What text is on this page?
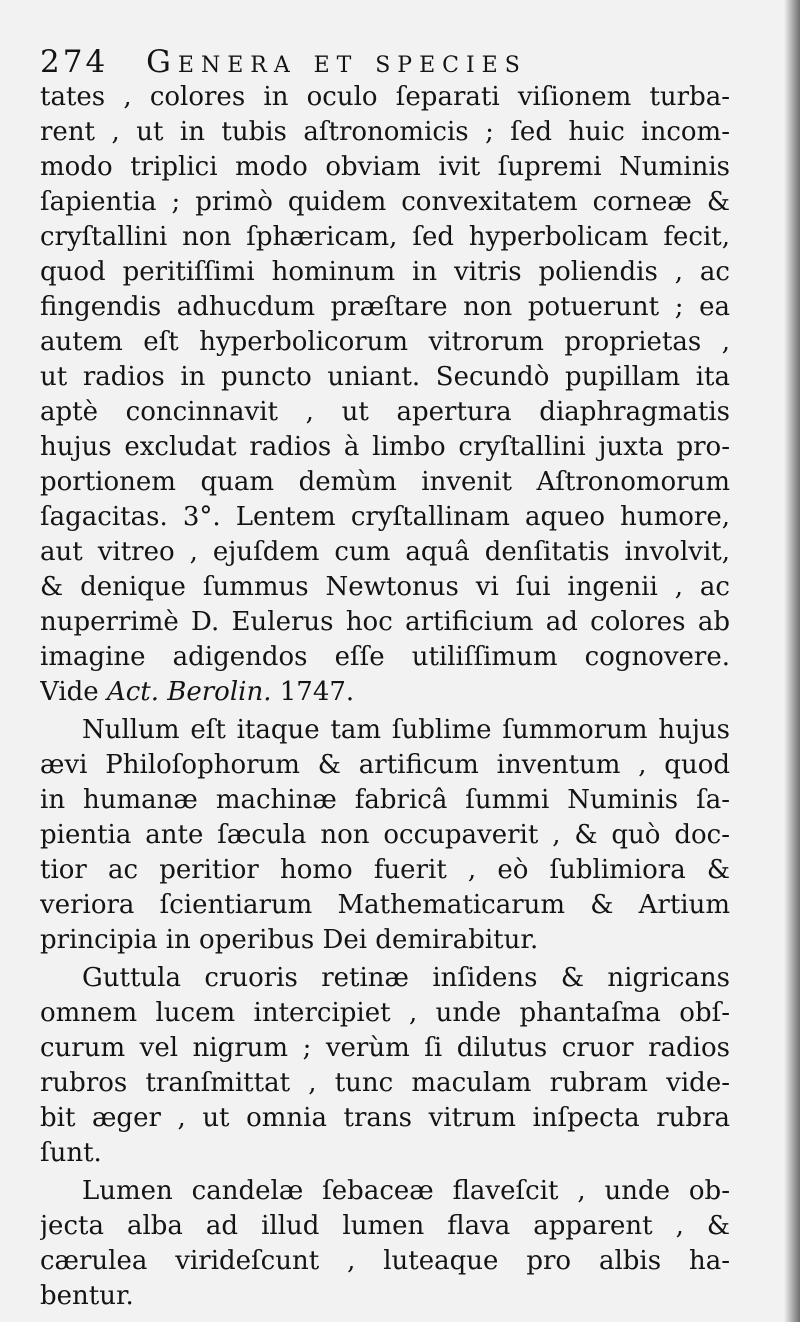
274 Genera et species
tates , colores in oculo ſeparati viſionem turba-
rent , ut in tubis aſtronomicis ; ſed huic incom-
modo triplici modo obviam ivit ſupremi Numinis
ſapientia ; primò quidem convexitatem corneæ &
cryſtallini non ſphæricam, ſed hyperbolicam fecit,
quod peritiſſimi hominum in vitris poliendis , ac
fingendis adhucdum præſtare non potuerunt ; ea
autem eſt hyperbolicorum vitrorum proprietas ,
ut radios in puncto uniant. Secundò pupillam ita
aptè concinnavit , ut apertura diaphragmatis
hujus excludat radios à limbo cryſtallini juxta pro-
portionem quam demùm invenit Aſtronomorum
ſagacitas. 3°. Lentem cryſtallinam aqueo humore,
aut vitreo , ejuſdem cum aquâ denſitatis involvit,
& denique ſummus Newtonus vi ſui ingenii , ac
nuperrimè D. Eulerus hoc artificium ad colores ab
imagine adigendos eſſe utiliſſimum cognovere.
Vide Act. Berolin. 1747.
Nullum eſt itaque tam ſublime ſummorum hujus
ævi Philoſophorum & artificum inventum , quod
in humanæ machinæ fabricâ ſummi Numinis ſa-
pientia ante ſæcula non occupaverit , & quò doc-
tior ac peritior homo fuerit , eò ſublimiora &
veriora ſcientiarum Mathematicarum & Artium
principia in operibus Dei demirabitur.
Guttula cruoris retinæ inſidens & nigricans
omnem lucem intercipiet , unde phantaſma obſ-
curum vel nigrum ; verùm ſi dilutus cruor radios
rubros tranſmittat , tunc maculam rubram vide-
bit æger , ut omnia trans vitrum inſpecta rubra
ſunt.
Lumen candelæ ſebaceæ flaveſcit , unde ob-
jecta alba ad illud lumen flava apparent , &
cærulea virideſcunt , luteaque pro albis ha-
bentur.
